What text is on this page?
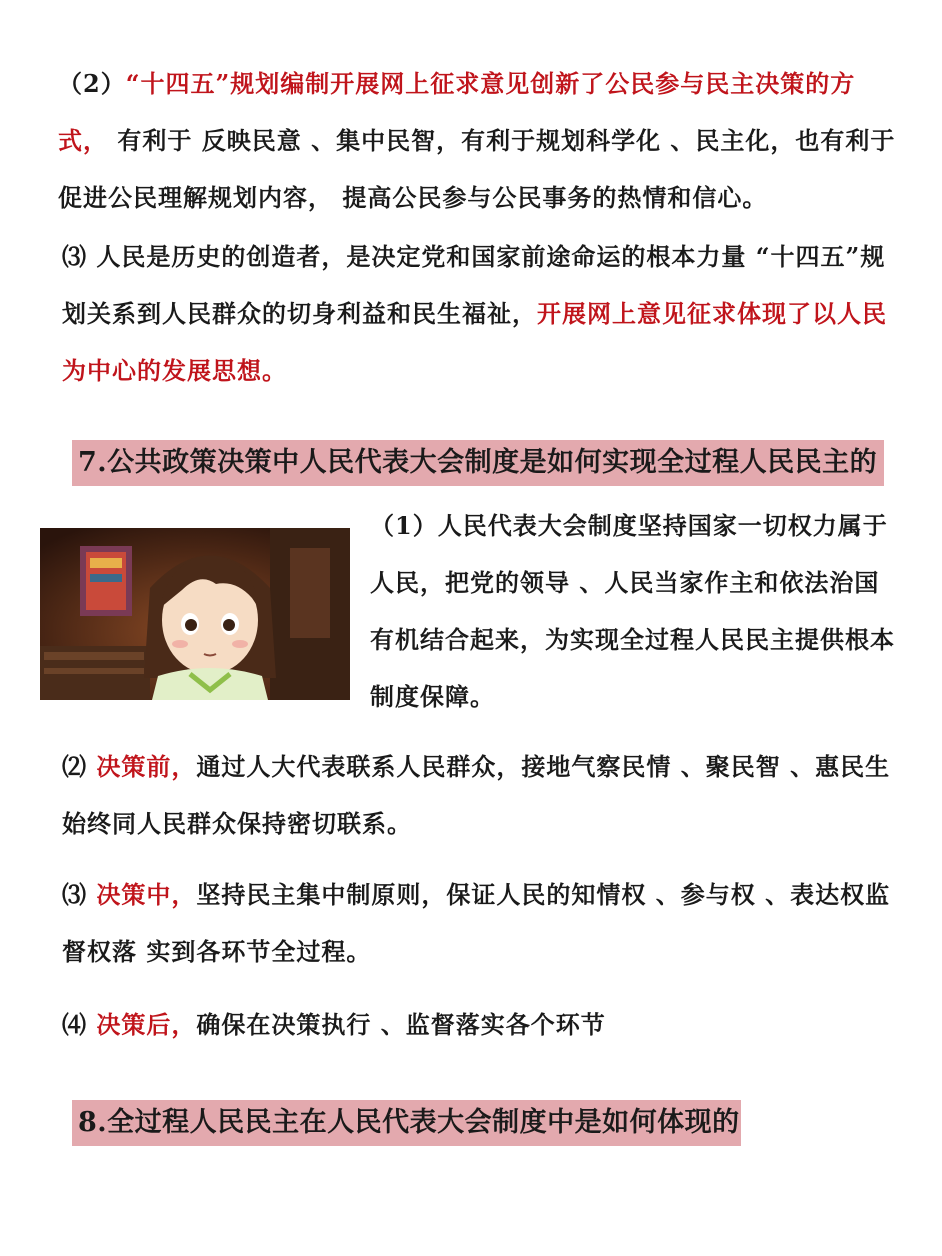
（2）“十四五”规划编制开展网上征求意见创新了公民参与民主决策的方式， 有利于 反映民意 、集中民智，有利于规划科学化 、民主化，也有利于促进公民理解规划内容， 提高公民参与公民事务的热情和信心。
⑶ 人民是历史的创造者，是决定党和国家前途命运的根本力量 “十四五”规划关系到人民群众的切身利益和民生福祉，开展网上意见征求体现了以人民为中心的发展思想。
7.公共政策决策中人民代表大会制度是如何实现全过程人民民主的
（1）人民代表大会制度坚持国家一切权力属于人民，把党的领导 、人民当家作主和依法治国有机结合起来，为实现全过程人民民主提供根本制度保障。
⑵ 决策前，通过人大代表联系人民群众，接地气察民情 、聚民智 、惠民生始终同人民群众保持密切联系。
⑶ 决策中，坚持民主集中制原则，保证人民的知情权 、参与权 、表达权监督权落 实到各环节全过程。
⑷ 决策后，确保在决策执行 、监督落实各个环节
8.全过程人民民主在人民代表大会制度中是如何体现的
